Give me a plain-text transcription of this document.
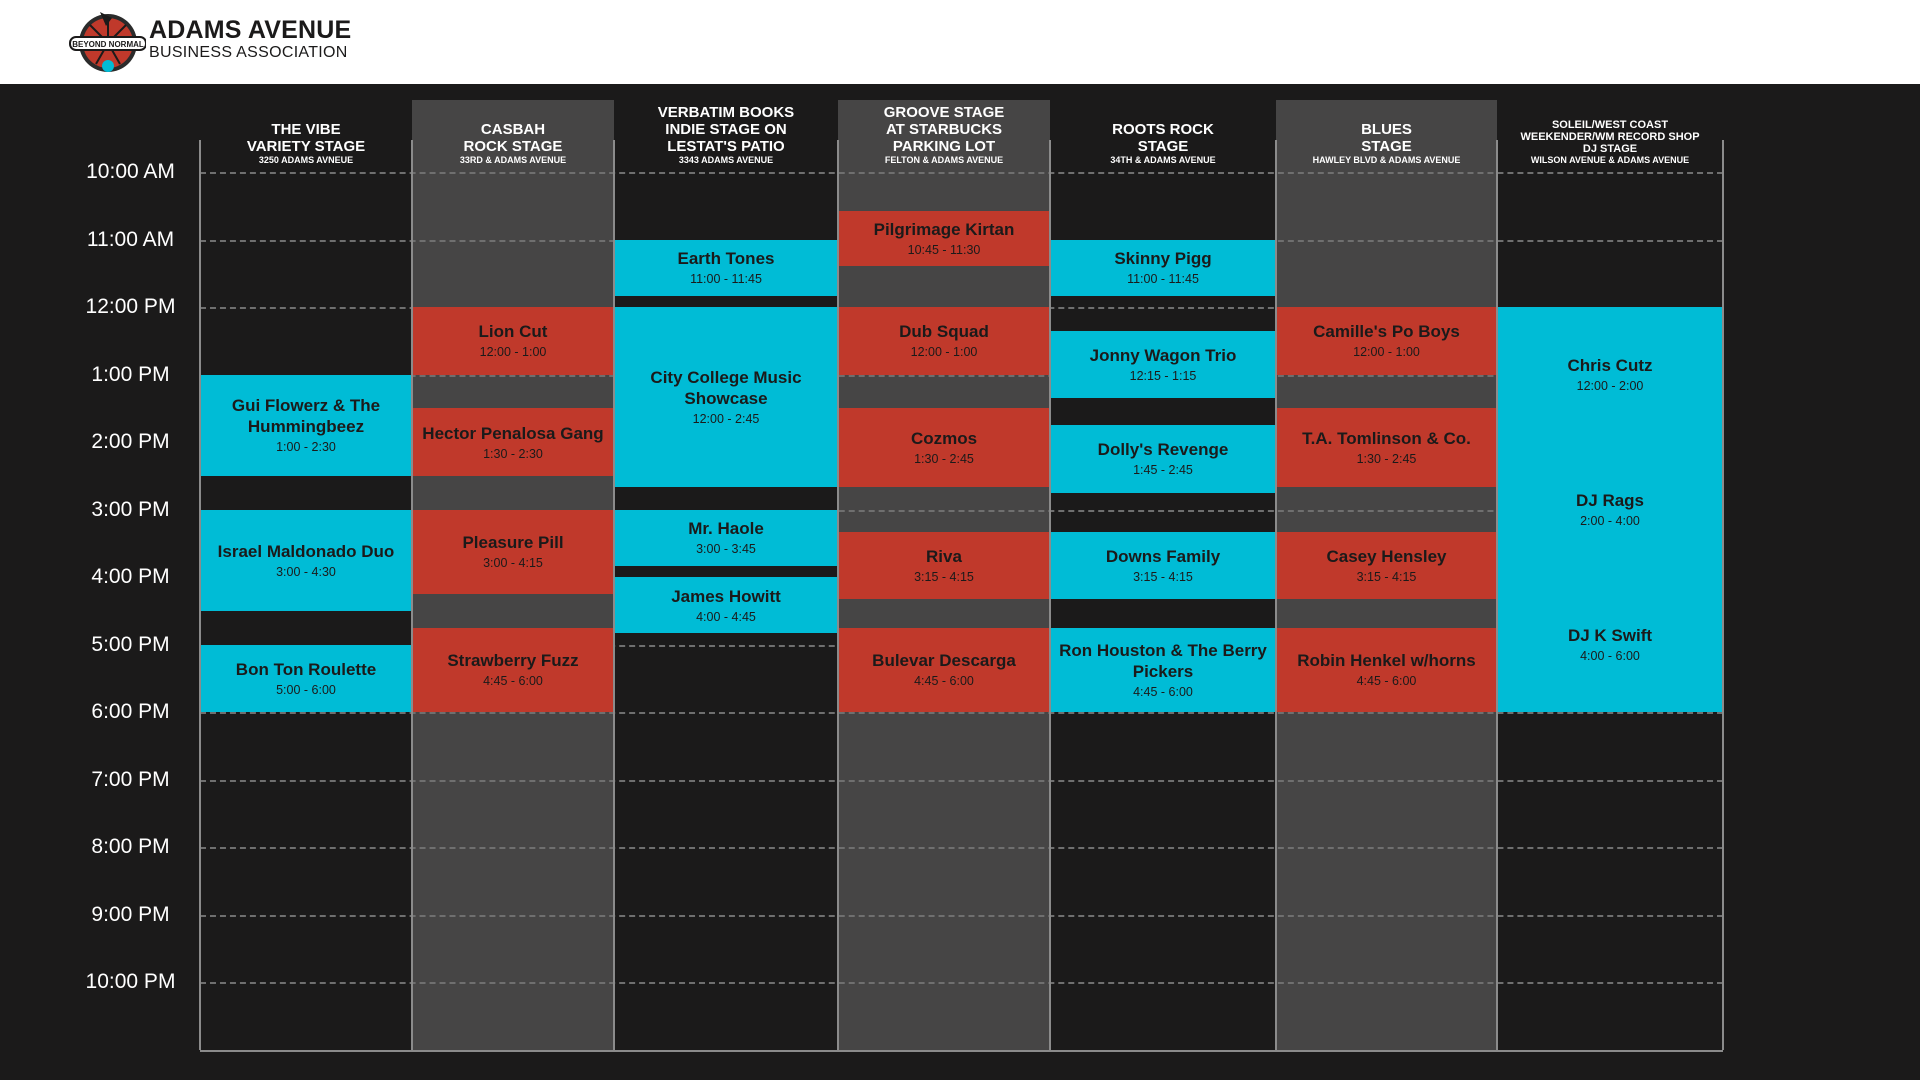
BEYOND NORMAL
ADAMS AVENUE
BUSINESS ASSOCIATION
10:00 AM
11:00 AM
12:00 PM
1:00 PM
2:00 PM
3:00 PM
4:00 PM
5:00 PM
6:00 PM
7:00 PM
8:00 PM
9:00 PM
10:00 PM
THE VIBE
VARIETY STAGE
3250 ADAMS AVNEUE
Gui Flowerz & The Hummingbeez
1:00 - 2:30
Israel Maldonado Duo
3:00 - 4:30
Bon Ton Roulette
5:00 - 6:00
CASBAH
ROCK STAGE
33RD & ADAMS AVENUE
Lion Cut
12:00 - 1:00
Hector Penalosa Gang
1:30 - 2:30
Pleasure Pill
3:00 - 4:15
Strawberry Fuzz
4:45 - 6:00
VERBATIM BOOKS
INDIE STAGE ON
LESTAT'S PATIO
3343 ADAMS AVENUE
Earth Tones
11:00 - 11:45
City College Music Showcase
12:00 - 2:45
Mr. Haole
3:00 - 3:45
James Howitt
4:00 - 4:45
GROOVE STAGE
AT STARBUCKS
PARKING LOT
FELTON & ADAMS AVENUE
Pilgrimage Kirtan
10:45 - 11:30
Dub Squad
12:00 - 1:00
Cozmos
1:30 - 2:45
Riva
3:15 - 4:15
Bulevar Descarga
4:45 - 6:00
ROOTS ROCK
STAGE
34TH & ADAMS AVENUE
Skinny Pigg
11:00 - 11:45
Jonny Wagon Trio
12:15 - 1:15
Dolly's Revenge
1:45 - 2:45
Downs Family
3:15 - 4:15
Ron Houston & The Berry Pickers
4:45 - 6:00
BLUES
STAGE
HAWLEY BLVD & ADAMS AVENUE
Camille's Po Boys
12:00 - 1:00
T.A. Tomlinson & Co.
1:30 - 2:45
Casey Hensley
3:15 - 4:15
Robin Henkel w/horns
4:45 - 6:00
SOLEIL/WEST COAST
WEEKENDER/WM RECORD SHOP
DJ STAGE
WILSON AVENUE & ADAMS AVENUE
Chris Cutz
12:00 - 2:00
DJ Rags
2:00 - 4:00
DJ K Swift
4:00 - 6:00
